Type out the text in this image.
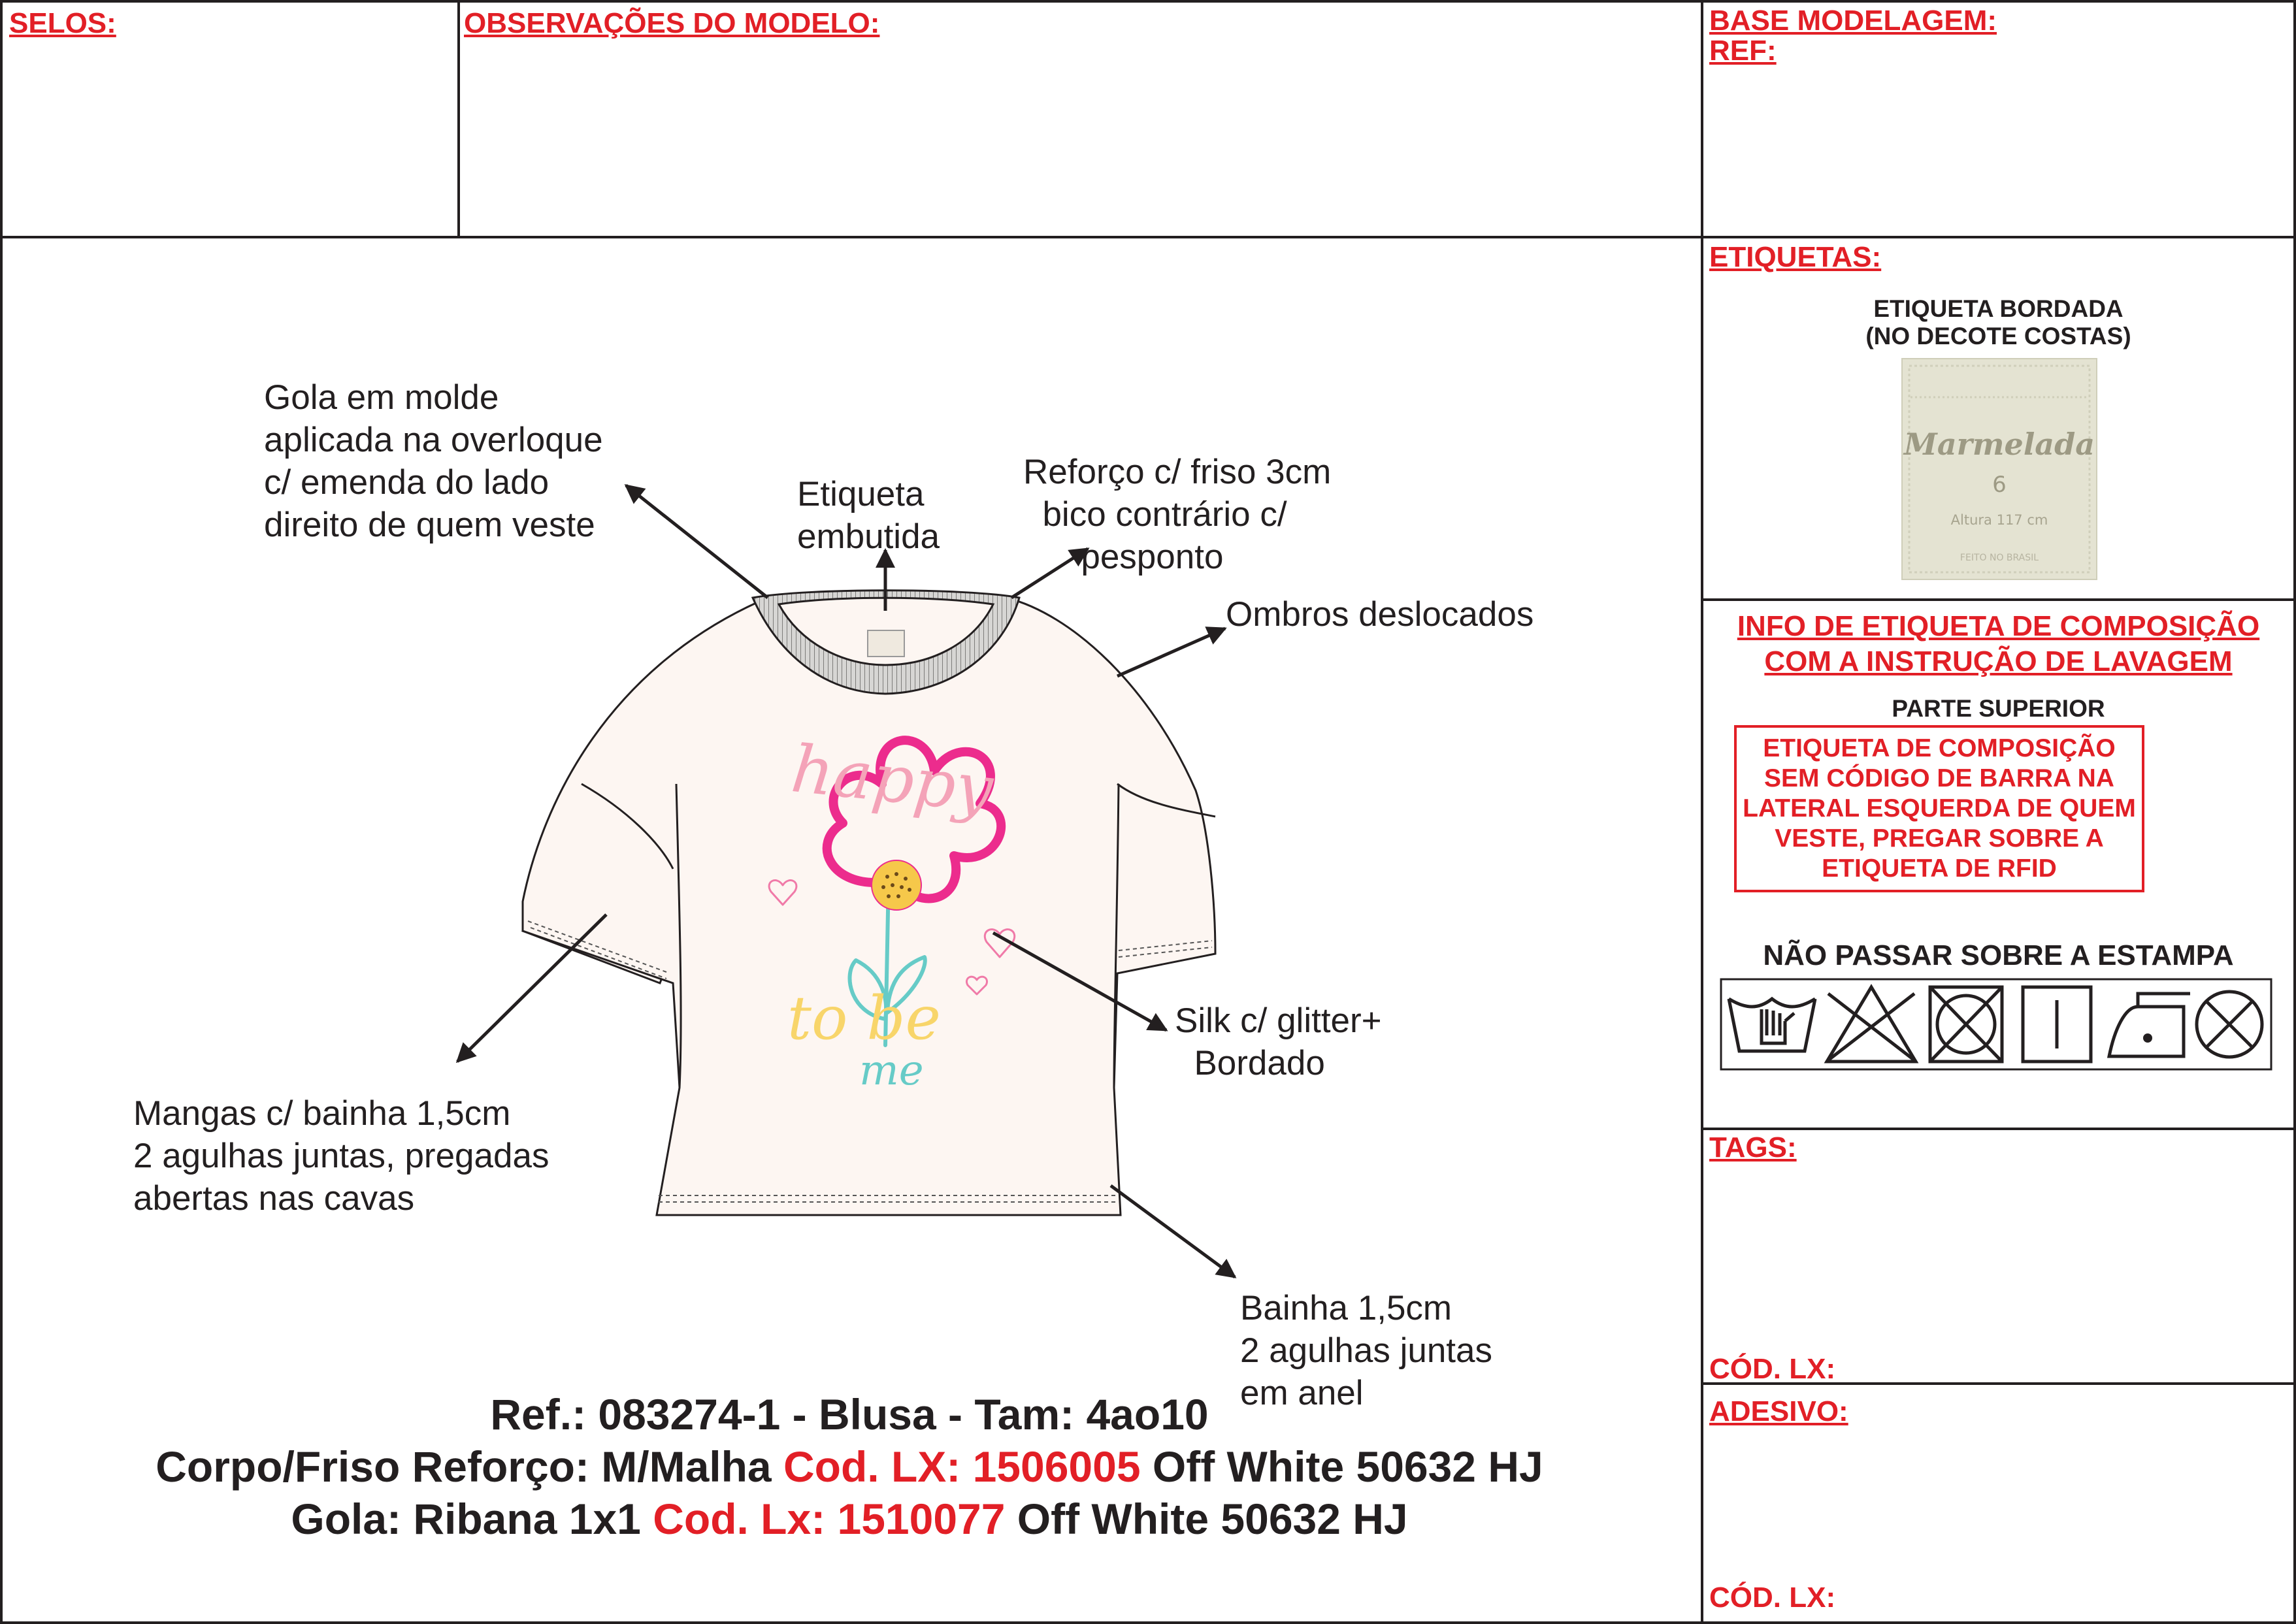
SELOS:	OBSERVAÇÕES DO MODELO:	BASE MODELAGEM:
REF:
happy
to be
me
Gola em molde
aplicada na overloque
c/ emenda do lado
direito de quem veste
Etiqueta
embutida
Reforço c/ friso 3cm
bico contrário c/
pesponto
Ombros deslocados
Silk c/ glitter+
Bordado
Mangas c/ bainha 1,5cm
2 agulhas juntas, pregadas
abertas nas cavas
Bainha 1,5cm
2 agulhas juntas
em anel
Ref.: 083274-1 - Blusa - Tam: 4ao10
Corpo/Friso Reforço: M/Malha Cod. LX: 1506005 Off White 50632 HJ
Gola: Ribana 1x1 Cod. Lx: 1510077 Off White 50632 HJ
ETIQUETAS:
ETIQUETA BORDADA
(NO DECOTE COSTAS)
Marmelada
6
Altura 117 cm
FEITO NO BRASIL
INFO DE ETIQUETA DE COMPOSIÇÃO
COM A INSTRUÇÃO DE LAVAGEM
PARTE SUPERIOR
ETIQUETA DE COMPOSIÇÃO SEM CÓDIGO DE BARRA NA LATERAL ESQUERDA DE QUEM VESTE, PREGAR SOBRE A ETIQUETA DE RFID
NÃO PASSAR SOBRE A ESTAMPA
TAGS:
CÓD. LX:
ADESIVO:
CÓD. LX:
